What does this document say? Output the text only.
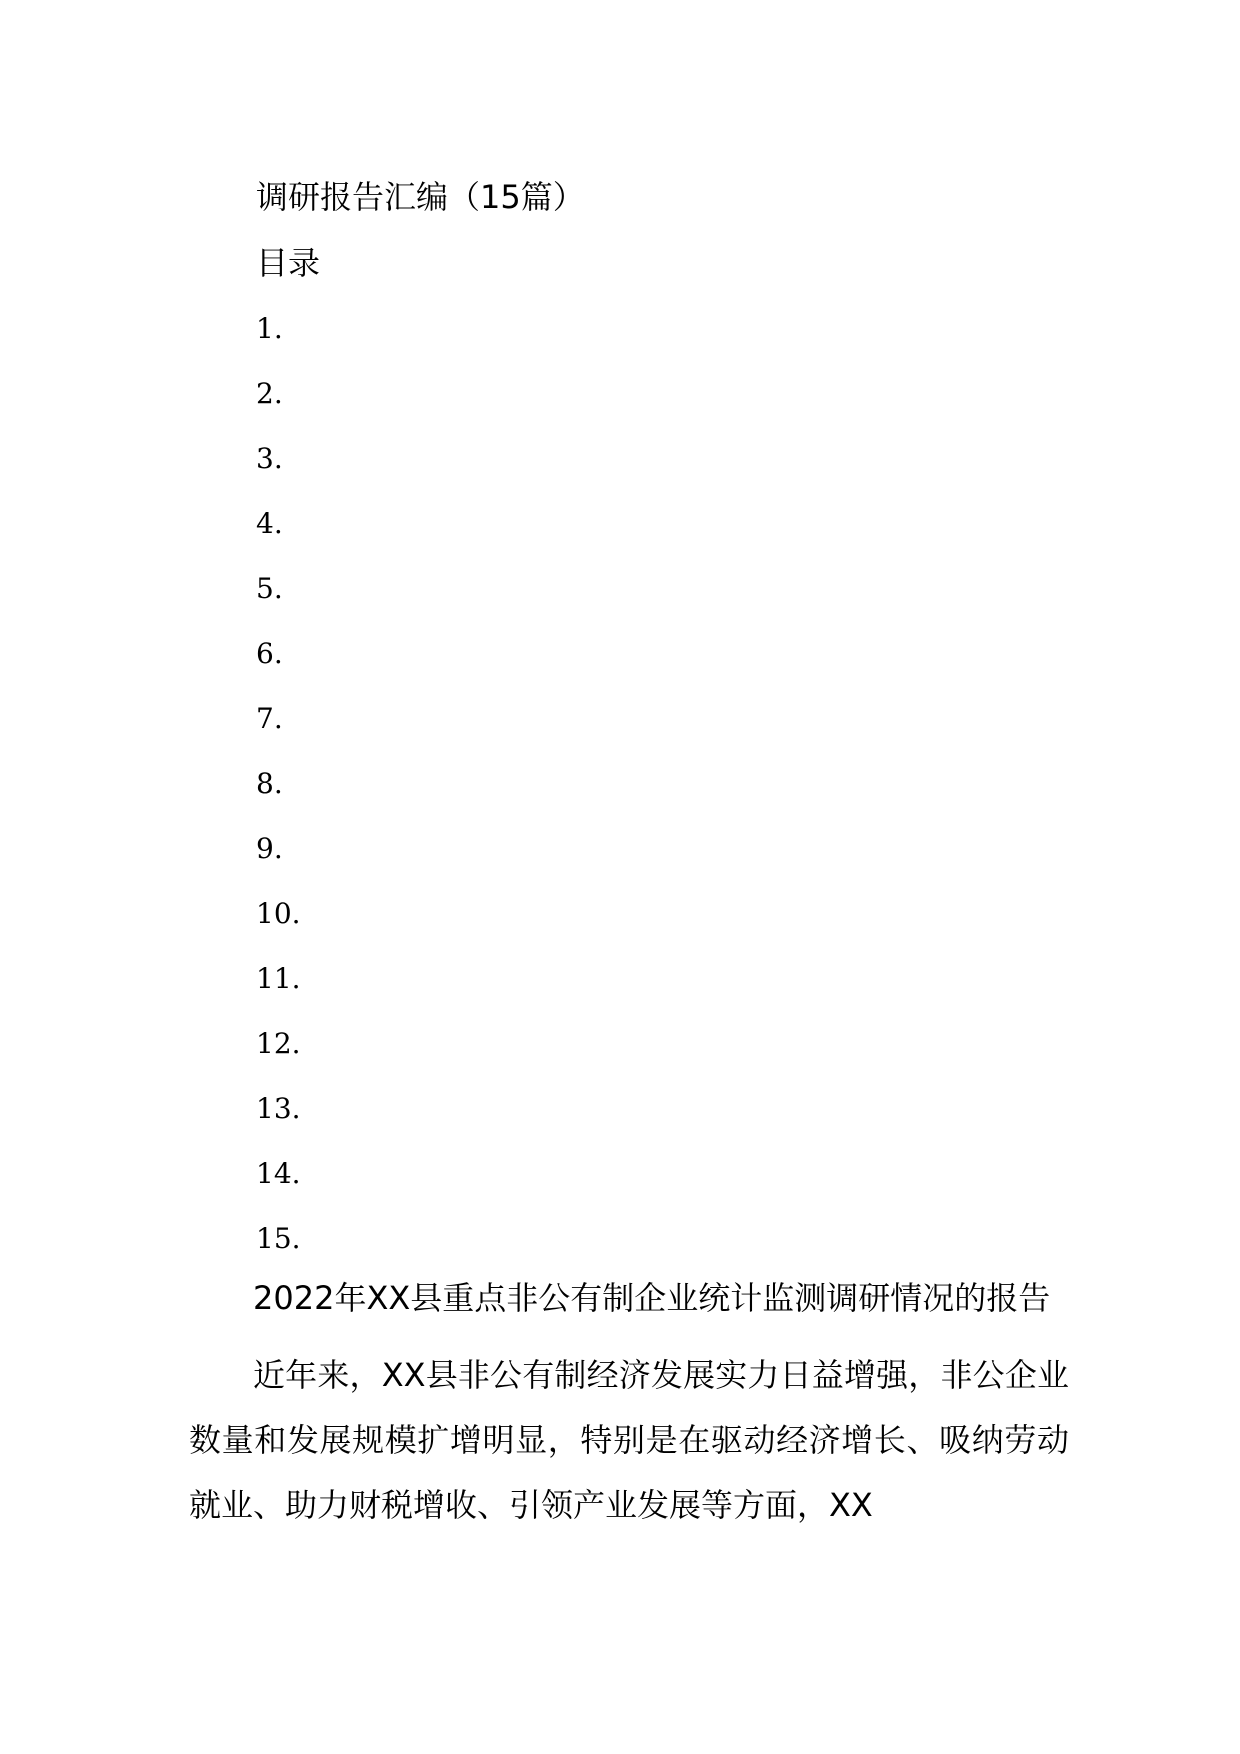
调研报告汇编（15篇）
目录
1.
2.
3.
4.
5.
6.
7.
8.
9.
10.
11.
12.
13.
14.
15.

2022年XX县重点非公有制企业统计监测调研情况的报告

近年来，XX县非公有制经济发展实力日益增强，非公企业数量和发展规模扩增明显，特别是在驱动经济增长、吸纳劳动就业、助力财税增收、引领产业发展等方面，XX
